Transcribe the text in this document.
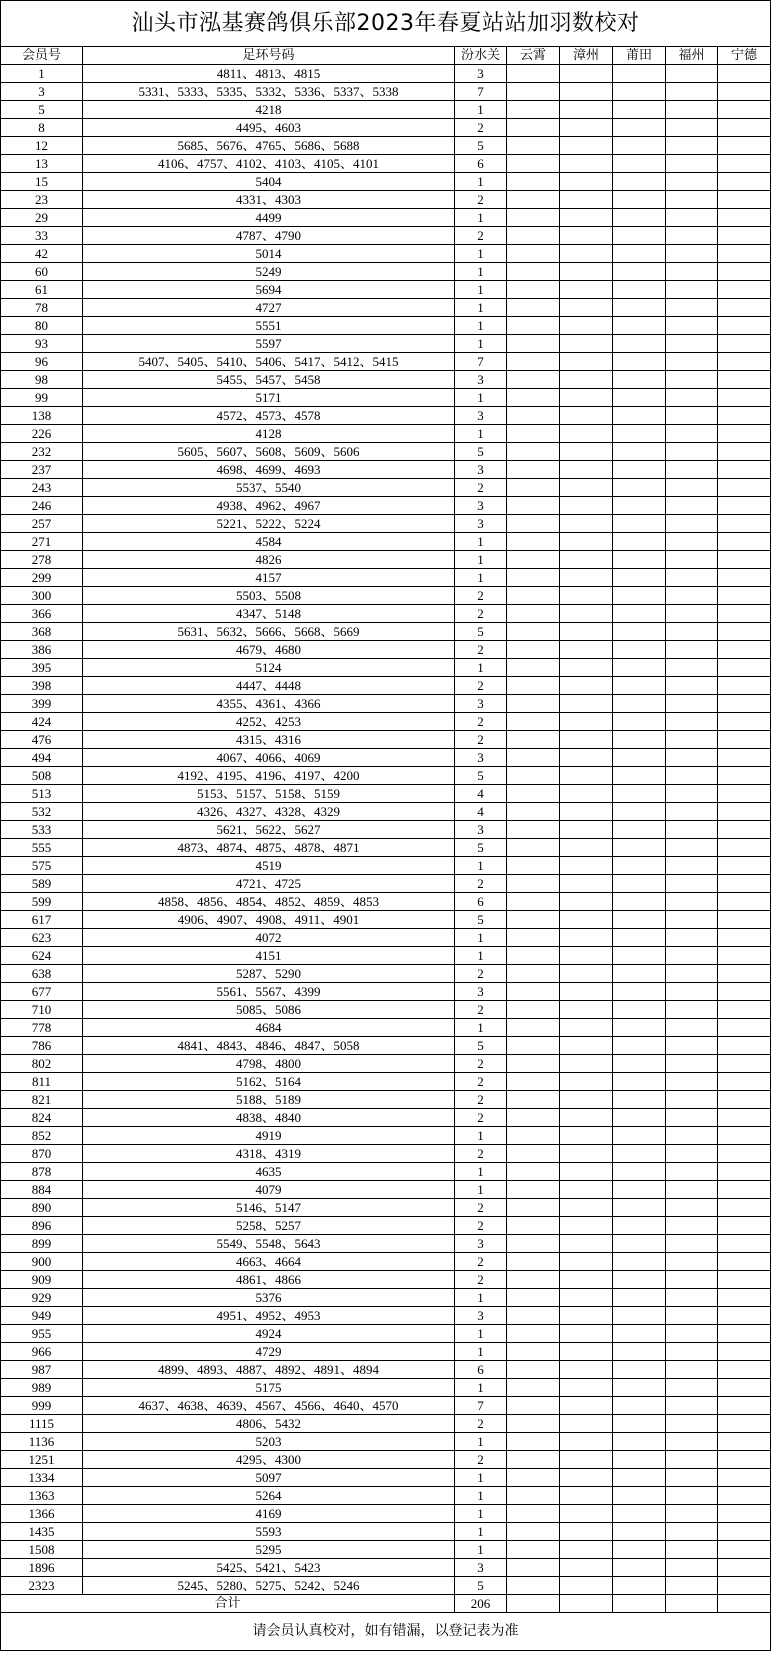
汕头市泓基赛鸽俱乐部2023年春夏站站加羽数校对							
会员号	足环号码	汾水关	云霄	漳州	莆田	福州	宁德
1	4811、4813、4815	3					
3	5331、5333、5335、5332、5336、5337、5338	7					
5	4218	1					
8	4495、4603	2					
12	5685、5676、4765、5686、5688	5					
13	4106、4757、4102、4103、4105、4101	6					
15	5404	1					
23	4331、4303	2					
29	4499	1					
33	4787、4790	2					
42	5014	1					
60	5249	1					
61	5694	1					
78	4727	1					
80	5551	1					
93	5597	1					
96	5407、5405、5410、5406、5417、5412、5415	7					
98	5455、5457、5458	3					
99	5171	1					
138	4572、4573、4578	3					
226	4128	1					
232	5605、5607、5608、5609、5606	5					
237	4698、4699、4693	3					
243	5537、5540	2					
246	4938、4962、4967	3					
257	5221、5222、5224	3					
271	4584	1					
278	4826	1					
299	4157	1					
300	5503、5508	2					
366	4347、5148	2					
368	5631、5632、5666、5668、5669	5					
386	4679、4680	2					
395	5124	1					
398	4447、4448	2					
399	4355、4361、4366	3					
424	4252、4253	2					
476	4315、4316	2					
494	4067、4066、4069	3					
508	4192、4195、4196、4197、4200	5					
513	5153、5157、5158、5159	4					
532	4326、4327、4328、4329	4					
533	5621、5622、5627	3					
555	4873、4874、4875、4878、4871	5					
575	4519	1					
589	4721、4725	2					
599	4858、4856、4854、4852、4859、4853	6					
617	4906、4907、4908、4911、4901	5					
623	4072	1					
624	4151	1					
638	5287、5290	2					
677	5561、5567、4399	3					
710	5085、5086	2					
778	4684	1					
786	4841、4843、4846、4847、5058	5					
802	4798、4800	2					
811	5162、5164	2					
821	5188、5189	2					
824	4838、4840	2					
852	4919	1					
870	4318、4319	2					
878	4635	1					
884	4079	1					
890	5146、5147	2					
896	5258、5257	2					
899	5549、5548、5643	3					
900	4663、4664	2					
909	4861、4866	2					
929	5376	1					
949	4951、4952、4953	3					
955	4924	1					
966	4729	1					
987	4899、4893、4887、4892、4891、4894	6					
989	5175	1					
999	4637、4638、4639、4567、4566、4640、4570	7					
1115	4806、5432	2					
1136	5203	1					
1251	4295、4300	2					
1334	5097	1					
1363	5264	1					
1366	4169	1					
1435	5593	1					
1508	5295	1					
1896	5425、5421、5423	3					
2323	5245、5280、5275、5242、5246	5					
合计		206					
请会员认真校对，如有错漏，以登记表为准							
